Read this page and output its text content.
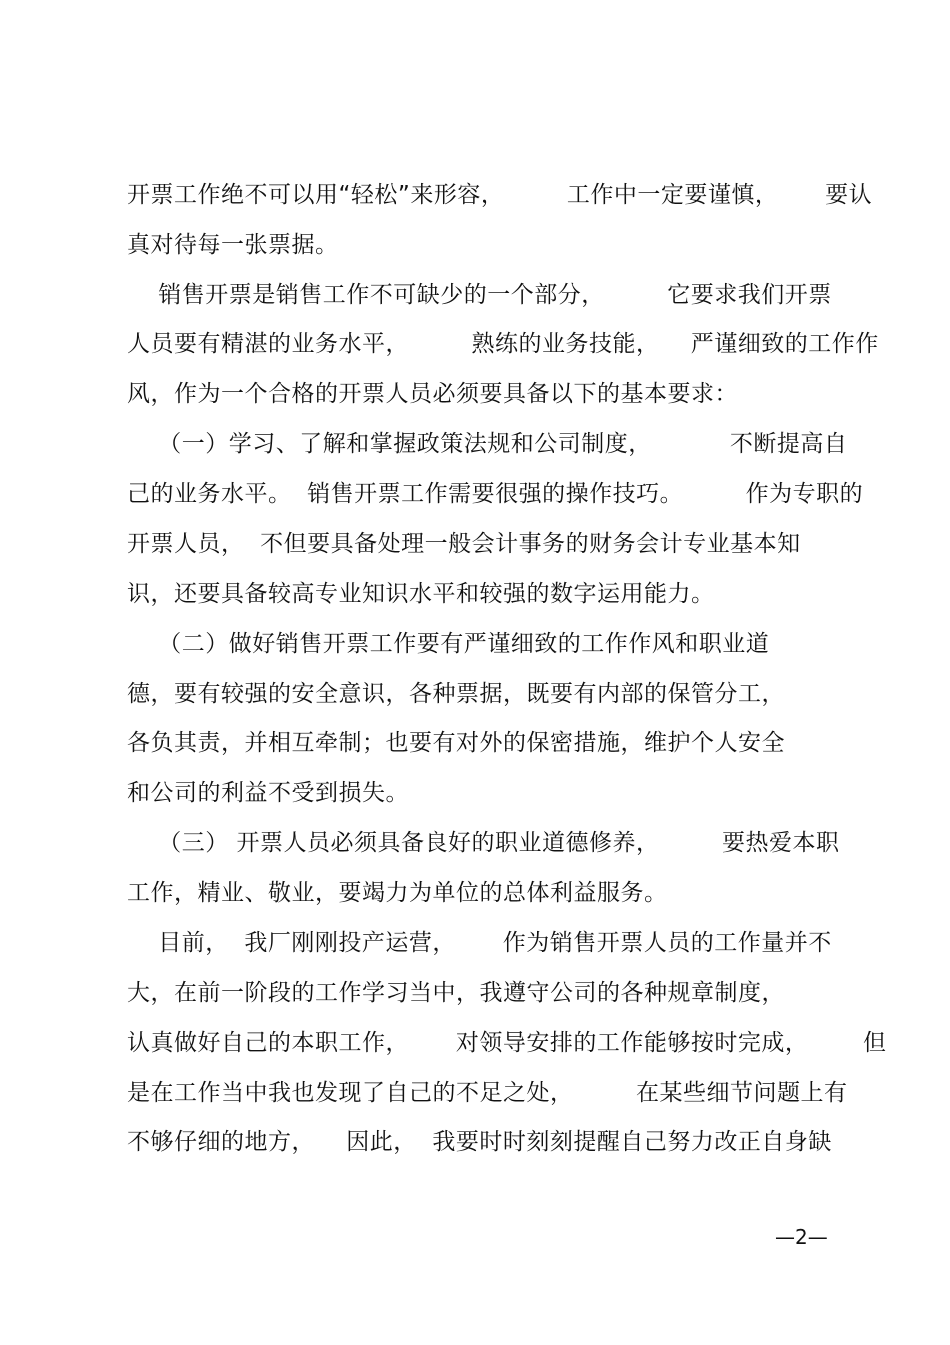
开票工作绝不可以用“轻松”来形容，        工作中一定要谨慎，      要认
真对待每一张票据。
销售开票是销售工作不可缺少的一个部分，        它要求我们开票
人员要有精湛的业务水平，        熟练的业务技能，    严谨细致的工作作
风，作为一个合格的开票人员必须要具备以下的基本要求：
（一）学习、了解和掌握政策法规和公司制度，          不断提高自
己的业务水平。  销售开票工作需要很强的操作技巧。        作为专职的
开票人员，  不但要具备处理一般会计事务的财务会计专业基本知
识，还要具备较高专业知识水平和较强的数字运用能力。
（二）做好销售开票工作要有严谨细致的工作作风和职业道
德，要有较强的安全意识，各种票据，既要有内部的保管分工，
各负其责，并相互牵制；也要有对外的保密措施，维护个人安全
和公司的利益不受到损失。
（三） 开票人员必须具备良好的职业道德修养，        要热爱本职
工作，精业、敬业，要竭力为单位的总体利益服务。
目前，  我厂刚刚投产运营，      作为销售开票人员的工作量并不
大，在前一阶段的工作学习当中，我遵守公司的各种规章制度，
认真做好自己的本职工作，      对领导安排的工作能够按时完成，       但
是在工作当中我也发现了自己的不足之处，        在某些细节问题上有
不够仔细的地方，    因此，  我要时时刻刻提醒自己努力改正自身缺
—2—
